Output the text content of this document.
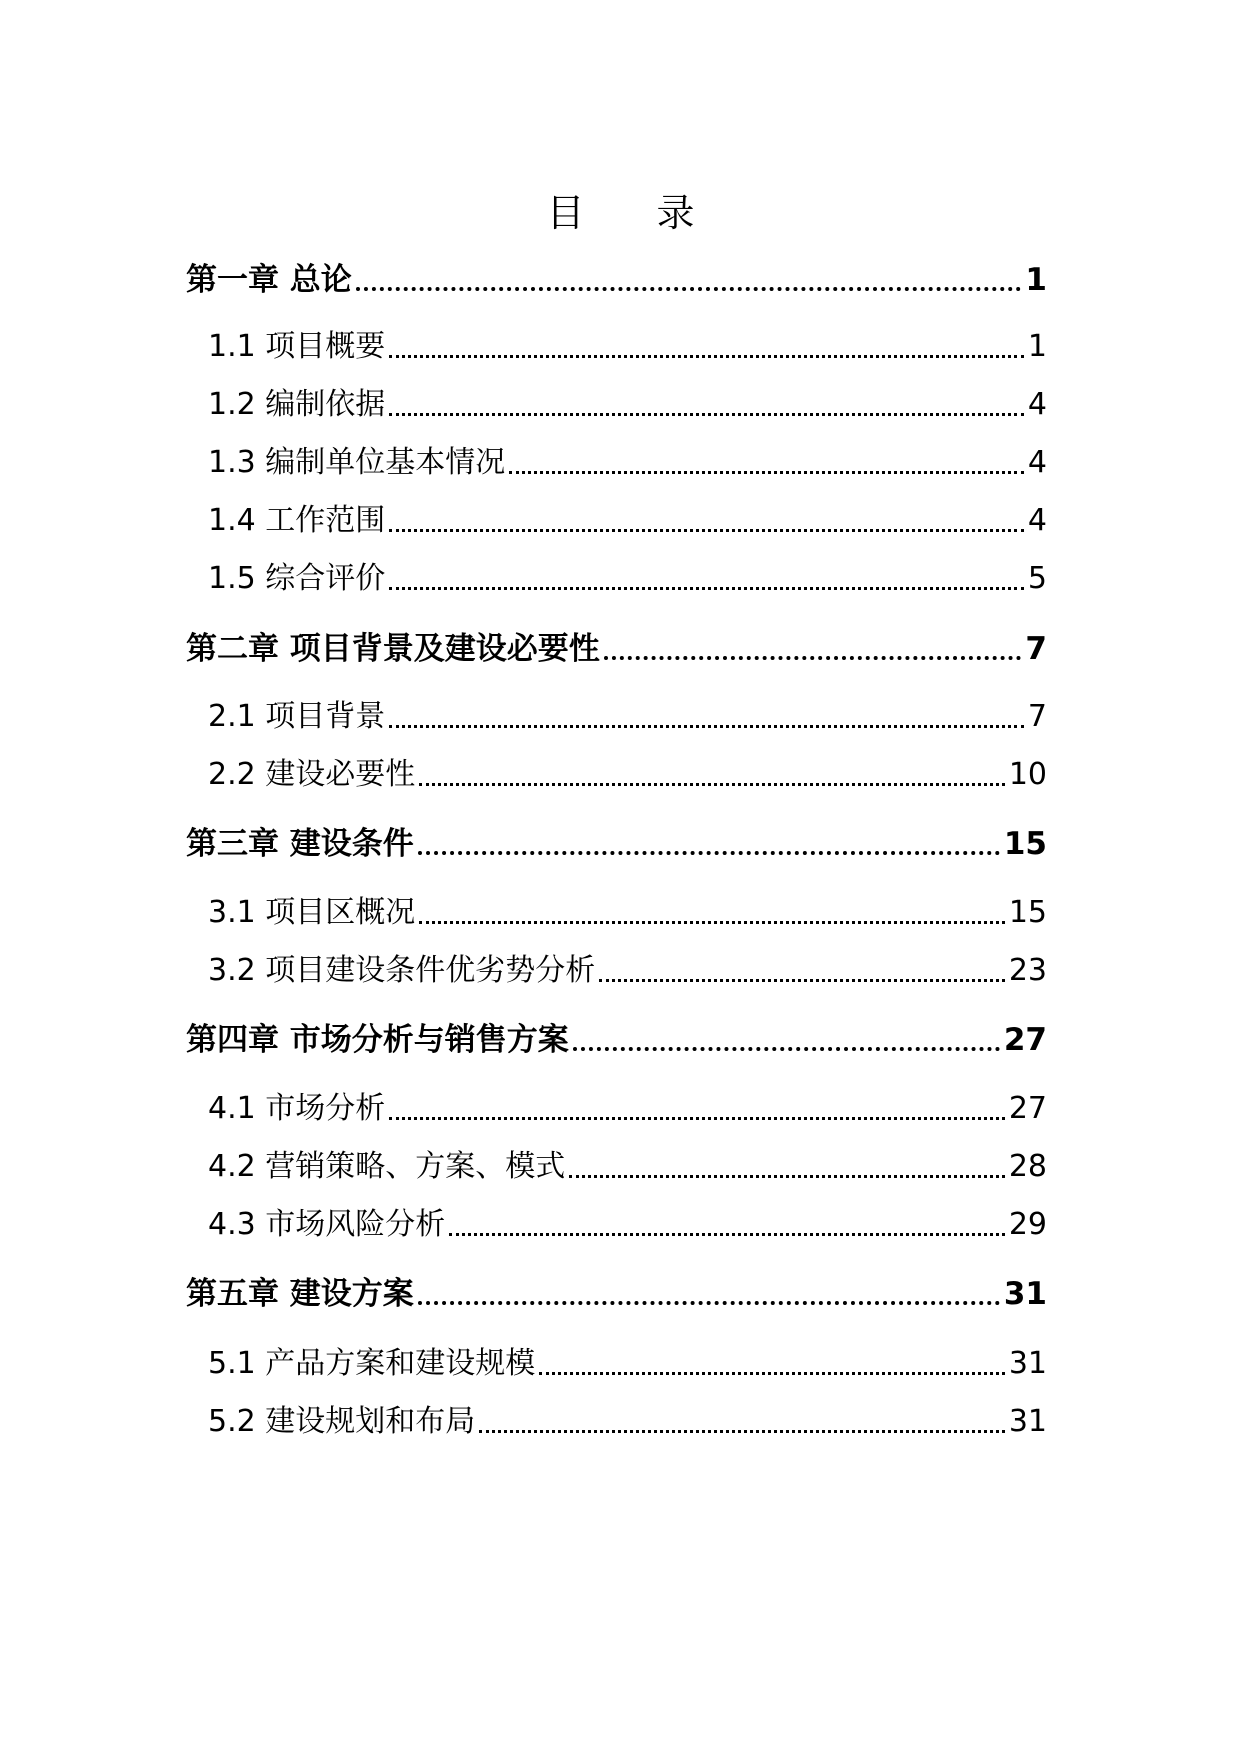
目 录
第一章 总论	1
1.1 项目概要	1
1.2 编制依据	4
1.3 编制单位基本情况	4
1.4 工作范围	4
1.5 综合评价	5
第二章 项目背景及建设必要性	7
2.1 项目背景	7
2.2 建设必要性	10
第三章 建设条件	15
3.1 项目区概况	15
3.2 项目建设条件优劣势分析	23
第四章 市场分析与销售方案	27
4.1 市场分析	27
4.2 营销策略、方案、模式	28
4.3 市场风险分析	29
第五章 建设方案	31
5.1 产品方案和建设规模	31
5.2 建设规划和布局	31
